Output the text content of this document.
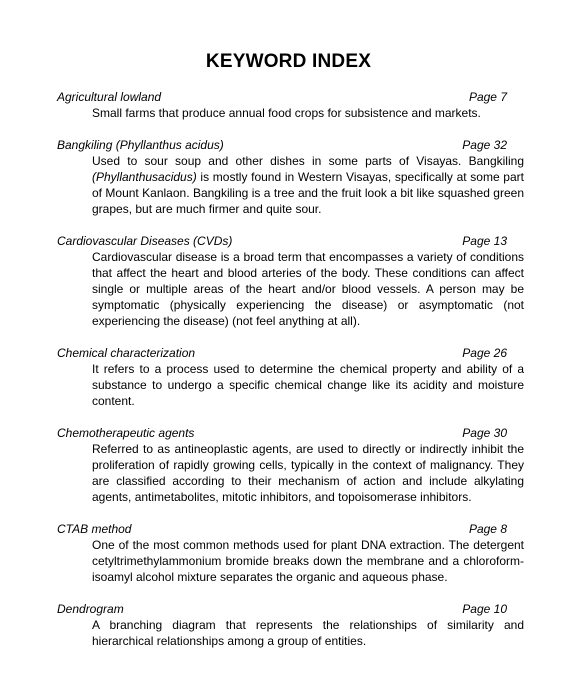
KEYWORD INDEX
Agricultural lowland	Page 7
Small farms that produce annual food crops for subsistence and markets.
Bangkiling (Phyllanthus acidus)	Page 32
Used to sour soup and other dishes in some parts of Visayas. Bangkiling (Phyllanthusacidus) is mostly found in Western Visayas, specifically at some part of Mount Kanlaon. Bangkiling is a tree and the fruit look a bit like squashed green grapes, but are much firmer and quite sour.
Cardiovascular Diseases (CVDs)	Page 13
Cardiovascular disease is a broad term that encompasses a variety of conditions that affect the heart and blood arteries of the body. These conditions can affect single or multiple areas of the heart and/or blood vessels. A person may be symptomatic (physically experiencing the disease) or asymptomatic (not experiencing the disease) (not feel anything at all).
Chemical characterization	Page 26
It refers to a process used to determine the chemical property and ability of a substance to undergo a specific chemical change like its acidity and moisture content.
Chemotherapeutic agents	Page 30
Referred to as antineoplastic agents, are used to directly or indirectly inhibit the proliferation of rapidly growing cells, typically in the context of malignancy. They are classified according to their mechanism of action and include alkylating agents, antimetabolites, mitotic inhibitors, and topoisomerase inhibitors.
CTAB method	Page 8
One of the most common methods used for plant DNA extraction. The detergent cetyltrimethylammonium bromide breaks down the membrane and a chloroform-isoamyl alcohol mixture separates the organic and aqueous phase.
Dendrogram	Page 10
A branching diagram that represents the relationships of similarity and hierarchical relationships among a group of entities.
